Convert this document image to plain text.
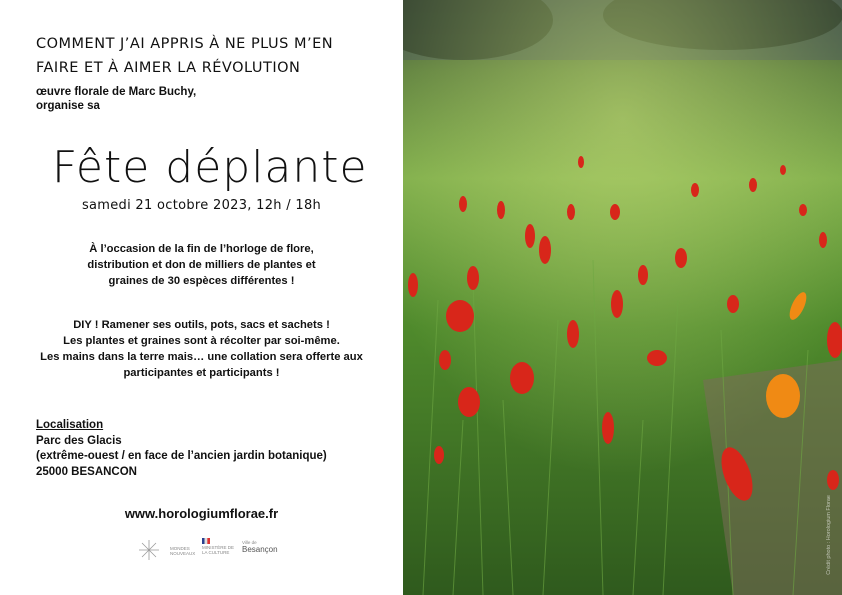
COMMENT J’AI APPRIS À NE PLUS M’EN
FAIRE ET À AIMER LA RÉVOLUTION
œuvre florale de Marc Buchy,
organise sa
Fête déplante
samedi 21 octobre 2023, 12h / 18h
À l’occasion de la fin de l’horloge de flore,
distribution et don de milliers de plantes et
graines de 30 espèces différentes !
DIY ! Ramener ses outils, pots, sacs et sachets !
Les plantes et graines sont à récolter par soi-même.
Les mains dans la terre mais… une collation sera offerte aux
participantes et participants !
Localisation
Parc des Glacis
(extrême-ouest / en face de l’ancien jardin botanique)
25000 BESANCON
www.horologiumflorae.fr
MONDES NOUVEAUX
MINISTÈRE DE LA CULTURE
Ville de
Besançon	Crédit photo : Horologium Florae
